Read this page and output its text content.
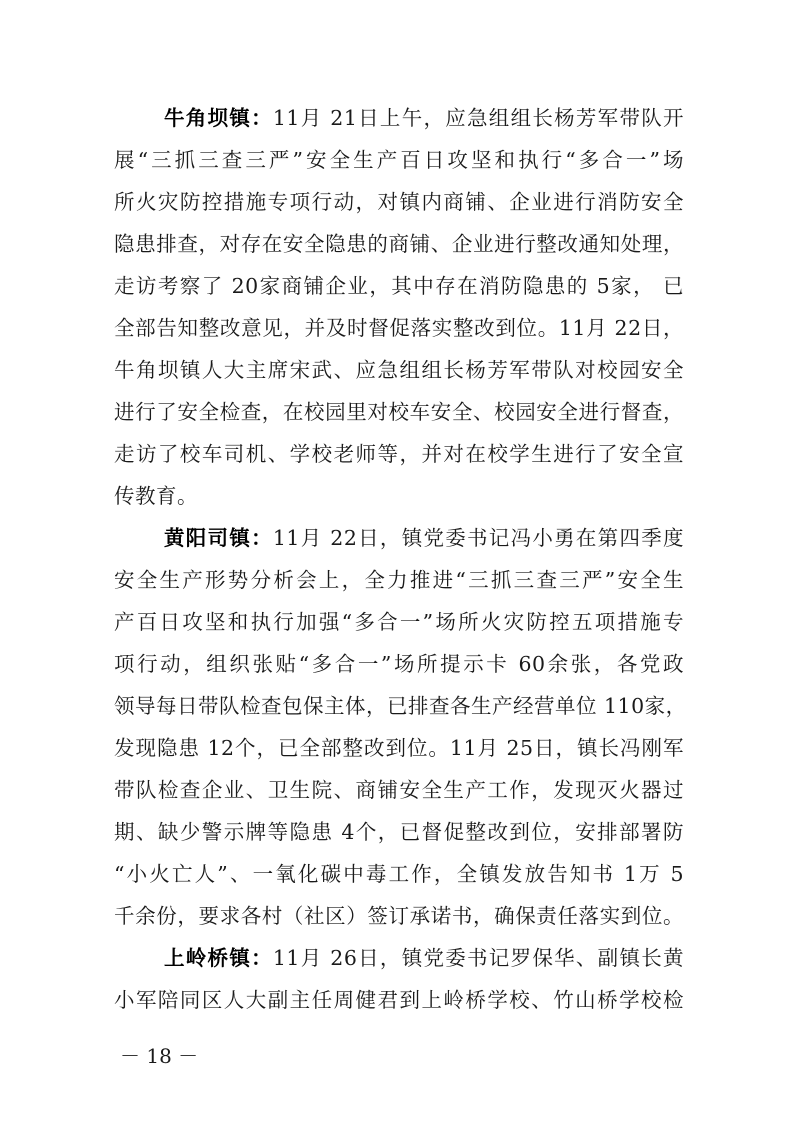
牛角坝镇：11月 21日上午，应急组组长杨芳军带队开
展“三抓三查三严”安全生产百日攻坚和执行“多合一”场
所火灾防控措施专项行动，对镇内商铺、企业进行消防安全
隐患排查，对存在安全隐患的商铺、企业进行整改通知处理，
走访考察了 20家商铺企业，其中存在消防隐患的 5家， 已
全部告知整改意见，并及时督促落实整改到位。11月 22日，
牛角坝镇人大主席宋武、应急组组长杨芳军带队对校园安全
进行了安全检查，在校园里对校车安全、校园安全进行督查，
走访了校车司机、学校老师等，并对在校学生进行了安全宣
传教育。
黄阳司镇：11月 22日，镇党委书记冯小勇在第四季度
安全生产形势分析会上，全力推进“三抓三查三严”安全生
产百日攻坚和执行加强“多合一”场所火灾防控五项措施专
项行动，组织张贴“多合一”场所提示卡 60余张，各党政
领导每日带队检查包保主体，已排查各生产经营单位 110家，
发现隐患 12个，已全部整改到位。11月 25日，镇长冯刚军
带队检查企业、卫生院、商铺安全生产工作，发现灭火器过
期、缺少警示牌等隐患 4个，已督促整改到位，安排部署防
“小火亡人”、一氧化碳中毒工作，全镇发放告知书 1万 5
千余份，要求各村（社区）签订承诺书，确保责任落实到位。
上岭桥镇：11月 26日，镇党委书记罗保华、副镇长黄
小军陪同区人大副主任周健君到上岭桥学校、竹山桥学校检
－ 18 －
